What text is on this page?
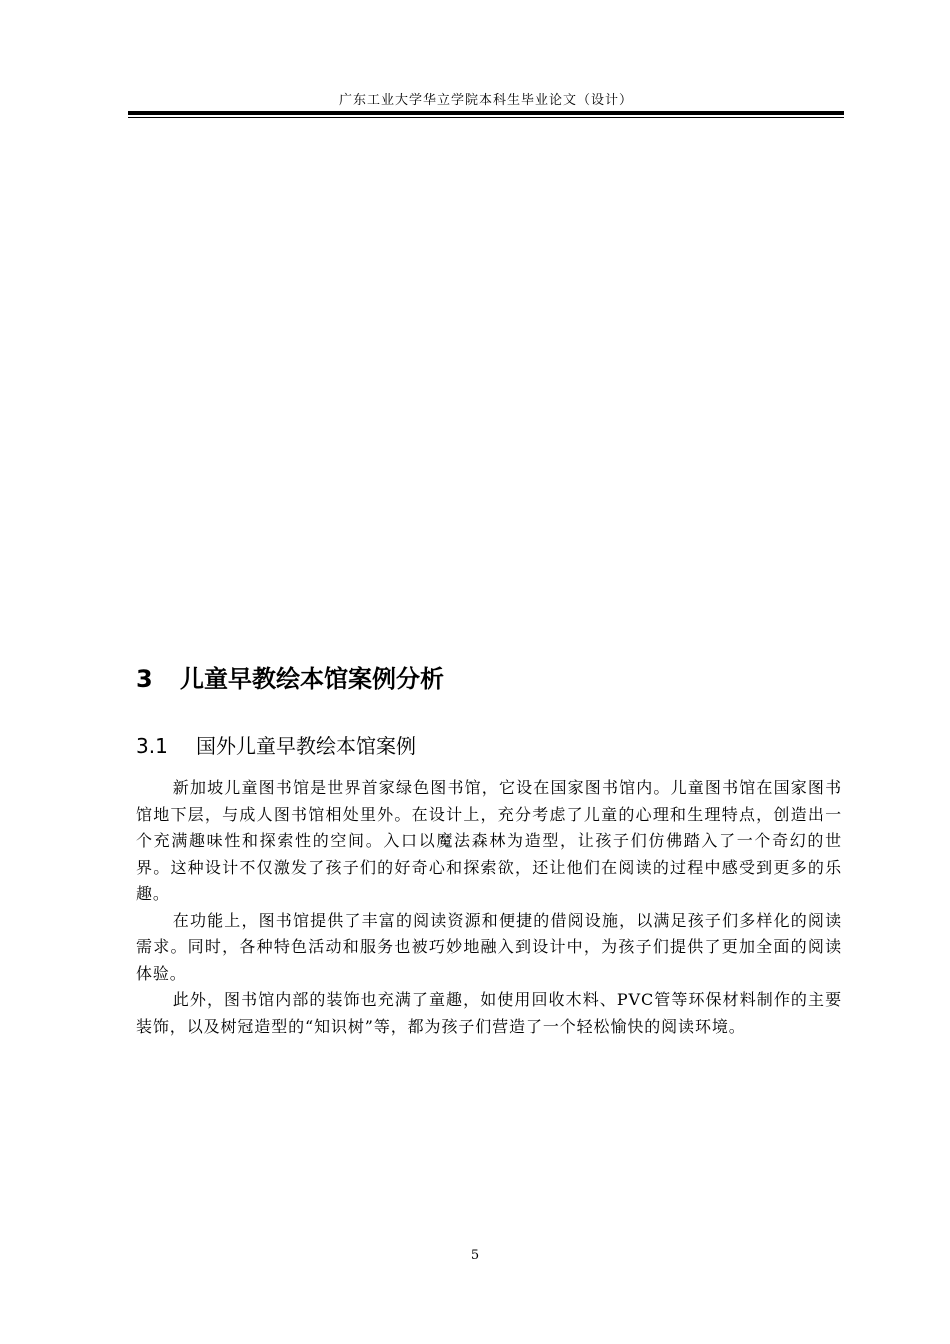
广东工业大学华立学院本科生毕业论文（设计）
3 儿童早教绘本馆案例分析
3.1 国外儿童早教绘本馆案例

新加坡儿童图书馆是世界首家绿色图书馆，它设在国家图书馆内。儿童图书馆在国家图书馆地下层，与成人图书馆相处里外。在设计上，充分考虑了儿童的心理和生理特点，创造出一个充满趣味性和探索性的空间。入口以魔法森林为造型，让孩子们仿佛踏入了一个奇幻的世界。这种设计不仅激发了孩子们的好奇心和探索欲，还让他们在阅读的过程中感受到更多的乐趣。

在功能上，图书馆提供了丰富的阅读资源和便捷的借阅设施，以满足孩子们多样化的阅读需求。同时，各种特色活动和服务也被巧妙地融入到设计中，为孩子们提供了更加全面的阅读体验。

此外，图书馆内部的装饰也充满了童趣，如使用回收木料、PVC管等环保材料制作的主要装饰，以及树冠造型的“知识树”等，都为孩子们营造了一个轻松愉快的阅读环境。

5
